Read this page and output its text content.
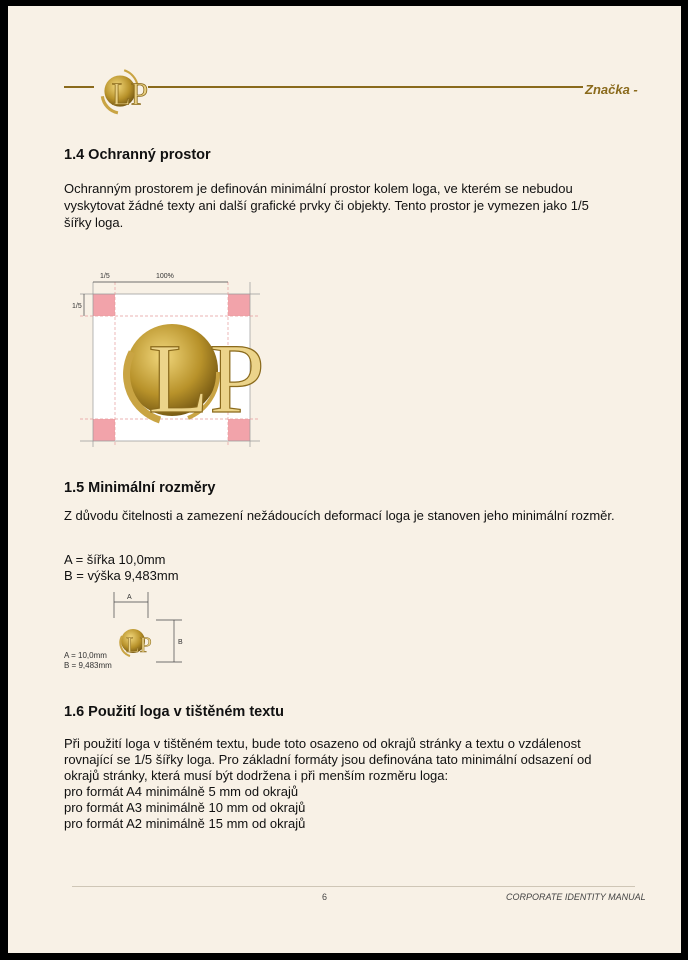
LP	Značka -
1.4 Ochranný prostor
Ochranným prostorem je definován minimální prostor kolem loga, ve kterém se nebudou
vyskytovat žádné texty ani další grafické prvky či objekty. Tento prostor je vymezen jako 1/5
šířky loga.
1/5	100%
1/5
LP
1.5 Minimální rozměry
Z důvodu čitelnosti a zamezení nežádoucích deformací loga je stanoven jeho minimální rozměr.
A = šířka 10,0mm
B = výška 9,483mm
A
B
LP
A = 10,0mm
B = 9,483mm
1.6 Použití loga v tištěném textu
Při použití loga v tištěném textu, bude toto osazeno od okrajů stránky a textu o vzdálenost
rovnající se 1/5 šířky loga. Pro základní formáty jsou definována tato minimální odsazení od
okrajů stránky, která musí být dodržena i při menším rozměru loga:
pro formát A4 minimálně 5 mm od okrajů
pro formát A3 minimálně 10 mm od okrajů
pro formát A2 minimálně 15 mm od okrajů
6	CORPORATE IDENTITY MANUAL
